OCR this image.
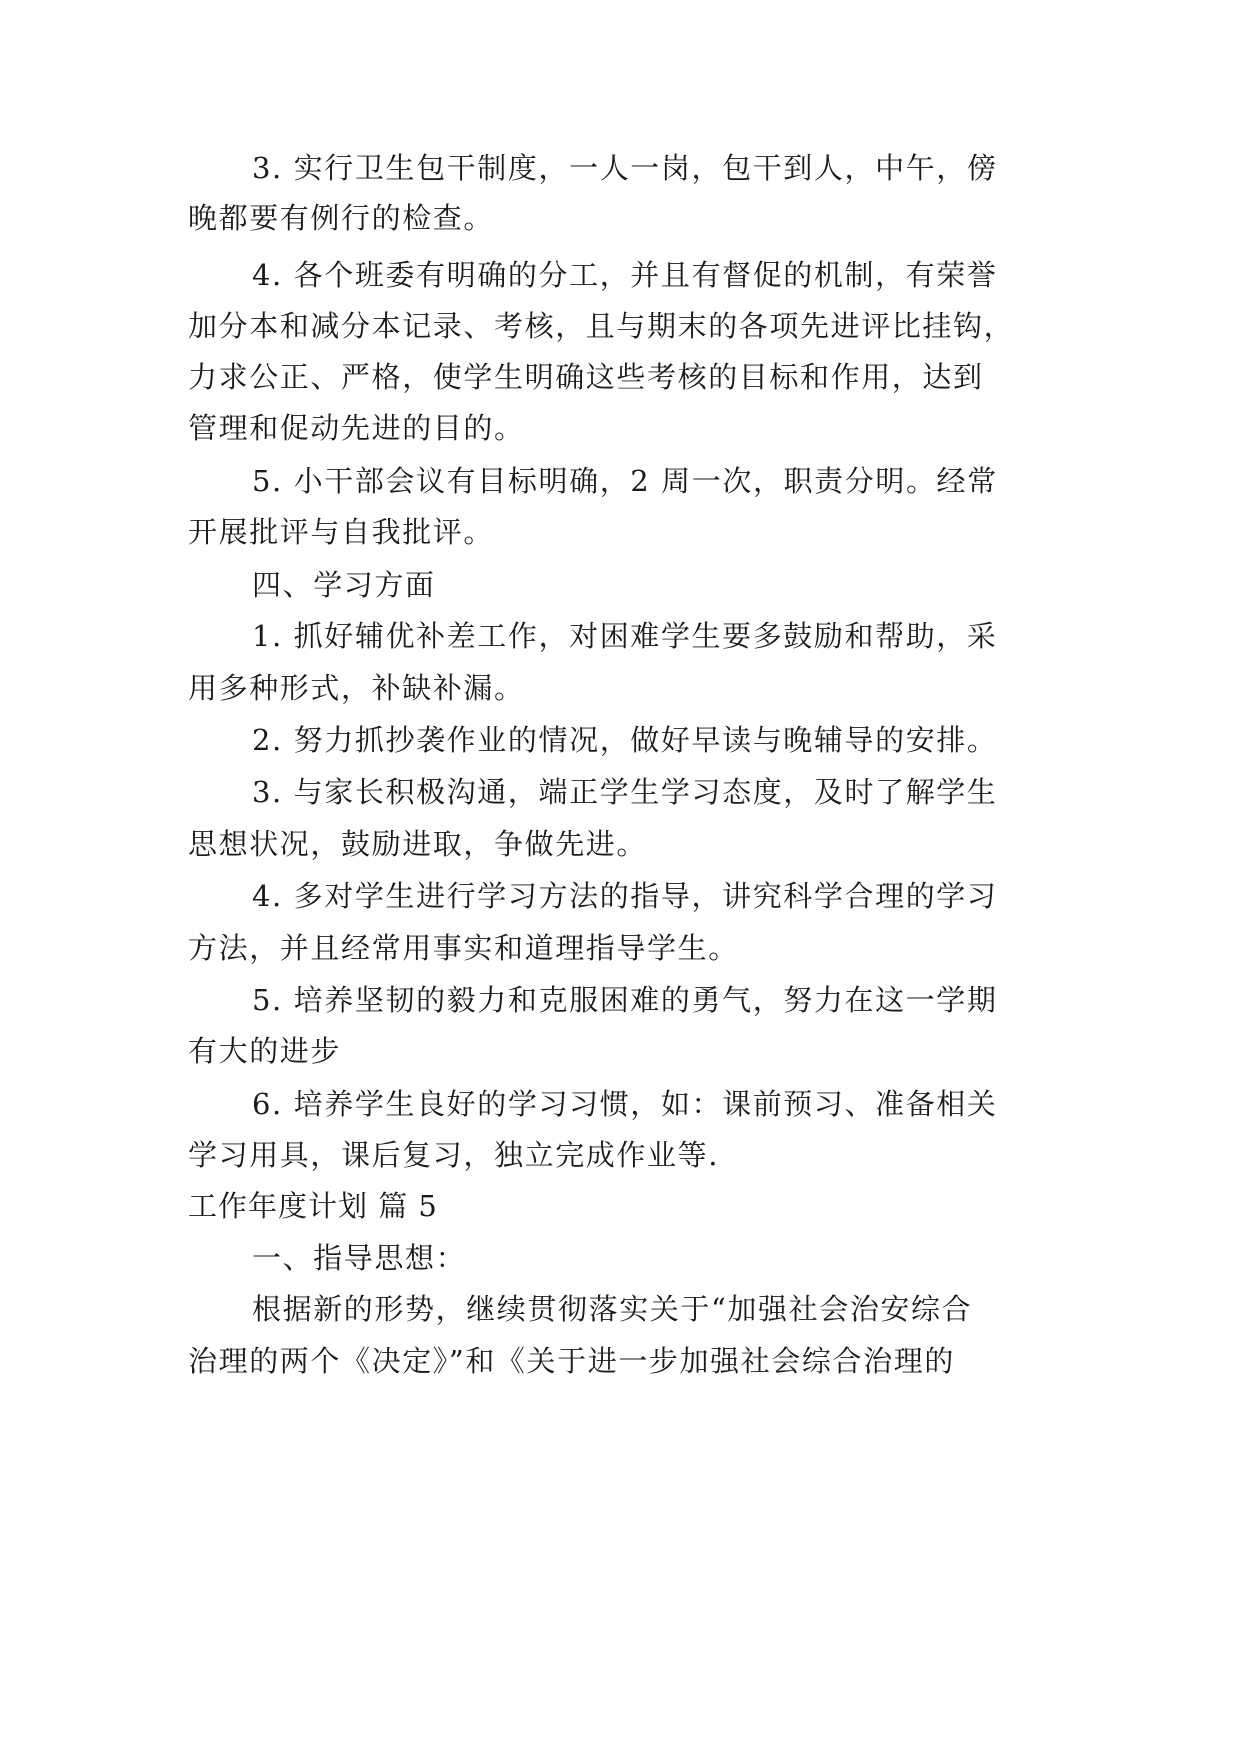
3. 实行卫生包干制度，一人一岗，包干到人，中午，傍
晚都要有例行的检查。
4. 各个班委有明确的分工，并且有督促的机制，有荣誉
加分本和减分本记录、考核，且与期末的各项先进评比挂钩，
力求公正、严格，使学生明确这些考核的目标和作用，达到
管理和促动先进的目的。
5. 小干部会议有目标明确，2 周一次，职责分明。经常
开展批评与自我批评。
四、学习方面
1. 抓好辅优补差工作，对困难学生要多鼓励和帮助，采
用多种形式，补缺补漏。
2. 努力抓抄袭作业的情况，做好早读与晚辅导的安排。
3. 与家长积极沟通，端正学生学习态度，及时了解学生
思想状况，鼓励进取，争做先进。
4. 多对学生进行学习方法的指导，讲究科学合理的学习
方法，并且经常用事实和道理指导学生。
5. 培养坚韧的毅力和克服困难的勇气，努力在这一学期
有大的进步
6. 培养学生良好的学习习惯，如：课前预习、准备相关
学习用具，课后复习，独立完成作业等.
工作年度计划 篇 5
一、指导思想：
根据新的形势，继续贯彻落实关于“加强社会治安综合
治理的两个《决定》”和《关于进一步加强社会综合治理的
